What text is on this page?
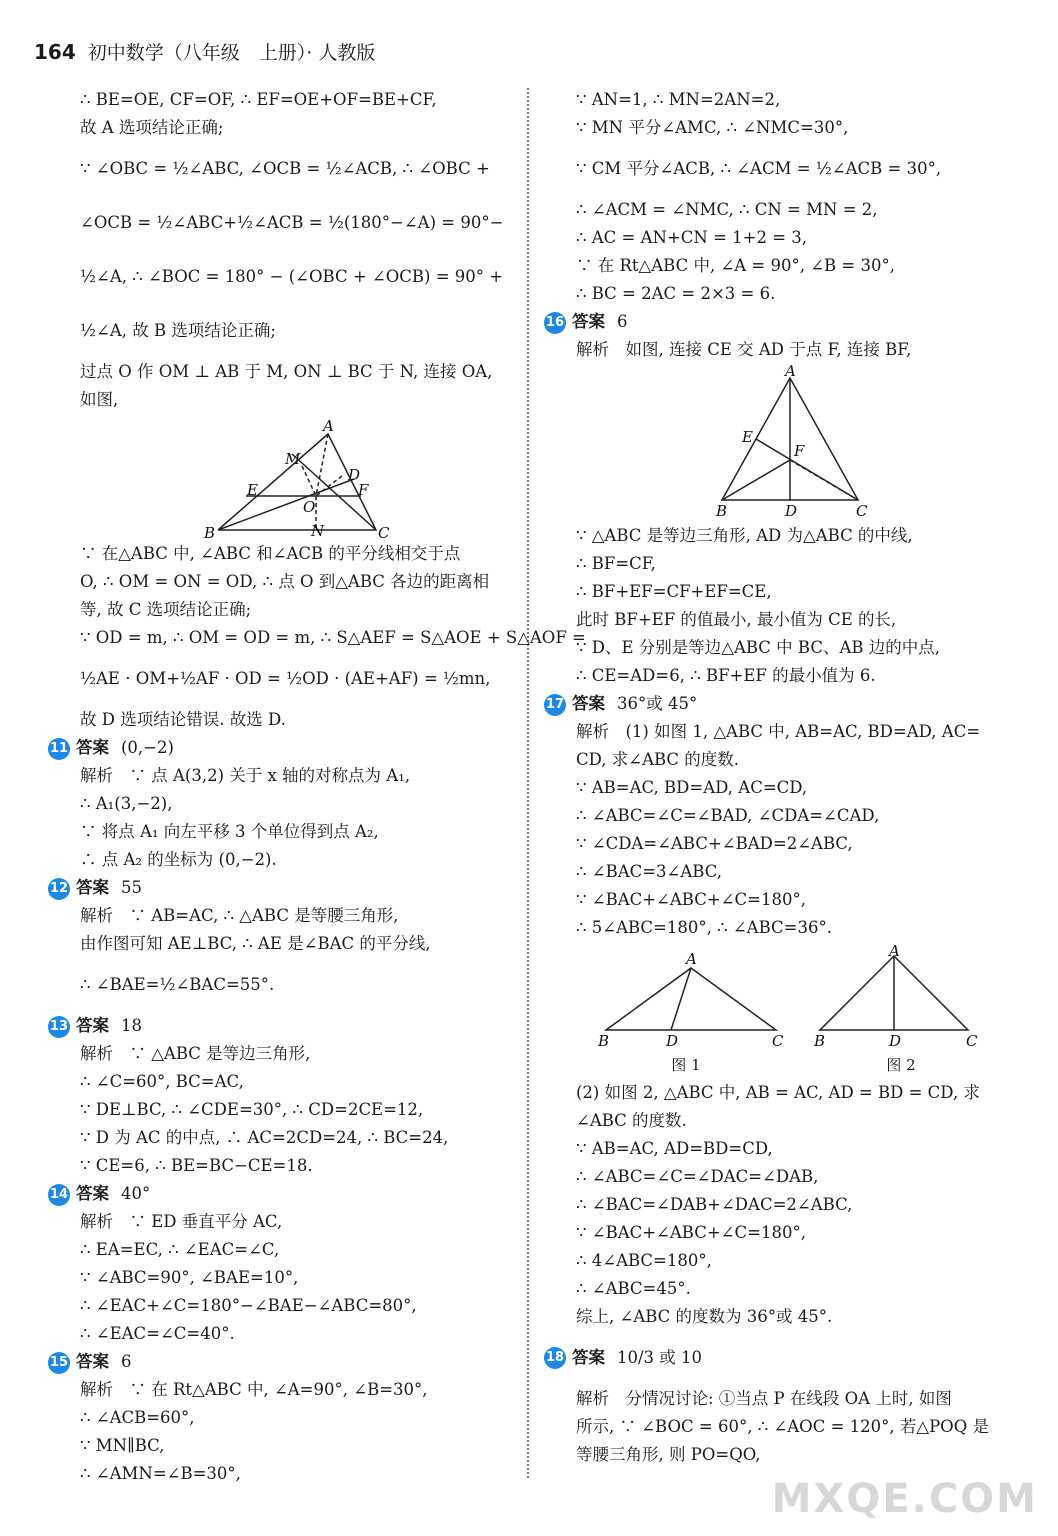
164 初中数学（八年级　上册）· 人教版
∴ BE=OE, CF=OF, ∴ EF=OE+OF=BE+CF,
故 A 选项结论正确;
∵ ∠OBC = ½∠ABC, ∠OCB = ½∠ACB, ∴ ∠OBC +
∠OCB = ½∠ABC+½∠ACB = ½(180°−∠A) = 90°−
½∠A, ∴ ∠BOC = 180° − (∠OBC + ∠OCB) = 90° +
½∠A, 故 B 选项结论正确;
过点 O 作 OM ⊥ AB 于 M, ON ⊥ BC 于 N, 连接 OA,
如图,
A
M
D
E	F
O
B	N	C
∵ 在△ABC 中, ∠ABC 和∠ACB 的平分线相交于点
O, ∴ OM = ON = OD, ∴ 点 O 到△ABC 各边的距离相
等, 故 C 选项结论正确;
∵ OD = m, ∴ OM = OD = m, ∴ S△AEF = S△AOE + S△AOF =
½AE · OM+½AF · OD = ½OD · (AE+AF) = ½mn,
故 D 选项结论错误. 故选 D.
11 答案 (0,−2)
解析　∵ 点 A(3,2) 关于 x 轴的对称点为 A₁,
∴ A₁(3,−2),
∵ 将点 A₁ 向左平移 3 个单位得到点 A₂,
∴ 点 A₂ 的坐标为 (0,−2).
12 答案 55
解析　∵ AB=AC, ∴ △ABC 是等腰三角形,
由作图可知 AE⊥BC, ∴ AE 是∠BAC 的平分线,
∴ ∠BAE=½∠BAC=55°.
13 答案 18
解析　∵ △ABC 是等边三角形,
∴ ∠C=60°, BC=AC,
∵ DE⊥BC, ∴ ∠CDE=30°, ∴ CD=2CE=12,
∵ D 为 AC 的中点, ∴ AC=2CD=24, ∴ BC=24,
∵ CE=6, ∴ BE=BC−CE=18.
14 答案 40°
解析　∵ ED 垂直平分 AC,
∴ EA=EC, ∴ ∠EAC=∠C,
∵ ∠ABC=90°, ∠BAE=10°,
∴ ∠EAC+∠C=180°−∠BAE−∠ABC=80°,
∴ ∠EAC=∠C=40°.
15 答案 6
解析　∵ 在 Rt△ABC 中, ∠A=90°, ∠B=30°,
∴ ∠ACB=60°,
∵ MN∥BC,
∴ ∠AMN=∠B=30°,
∵ AN=1, ∴ MN=2AN=2,
∵ MN 平分∠AMC, ∴ ∠NMC=30°,
∵ CM 平分∠ACB, ∴ ∠ACM = ½∠ACB = 30°,
∴ ∠ACM = ∠NMC, ∴ CN = MN = 2,
∴ AC = AN+CN = 1+2 = 3,
∵ 在 Rt△ABC 中, ∠A = 90°, ∠B = 30°,
∴ BC = 2AC = 2×3 = 6.
16 答案 6
解析　如图, 连接 CE 交 AD 于点 F, 连接 BF,
A
E
F
B	D	C
∵ △ABC 是等边三角形, AD 为△ABC 的中线,
∴ BF=CF,
∴ BF+EF=CF+EF=CE,
此时 BF+EF 的值最小, 最小值为 CE 的长,
∵ D、E 分别是等边△ABC 中 BC、AB 边的中点,
∴ CE=AD=6, ∴ BF+EF 的最小值为 6.
17 答案 36°或 45°
解析　(1) 如图 1, △ABC 中, AB=AC, BD=AD, AC=
CD, 求∠ABC 的度数.
∵ AB=AC, BD=AD, AC=CD,
∴ ∠ABC=∠C=∠BAD, ∠CDA=∠CAD,
∵ ∠CDA=∠ABC+∠BAD=2∠ABC,
∴ ∠BAC=3∠ABC,
∵ ∠BAC+∠ABC+∠C=180°,
∴ 5∠ABC=180°, ∴ ∠ABC=36°.
A
B	D	C
图 1
A
B	D	C
图 2
(2) 如图 2, △ABC 中, AB = AC, AD = BD = CD, 求
∠ABC 的度数.
∵ AB=AC, AD=BD=CD,
∴ ∠ABC=∠C=∠DAC=∠DAB,
∴ ∠BAC=∠DAB+∠DAC=2∠ABC,
∵ ∠BAC+∠ABC+∠C=180°,
∴ 4∠ABC=180°,
∴ ∠ABC=45°.
综上, ∠ABC 的度数为 36°或 45°.
18 答案 10/3 或 10
解析　分情况讨论: ①当点 P 在线段 OA 上时, 如图
所示, ∵ ∠BOC = 60°, ∴ ∠AOC = 120°, 若△POQ 是
等腰三角形, 则 PO=QO,
MXQE.COM
